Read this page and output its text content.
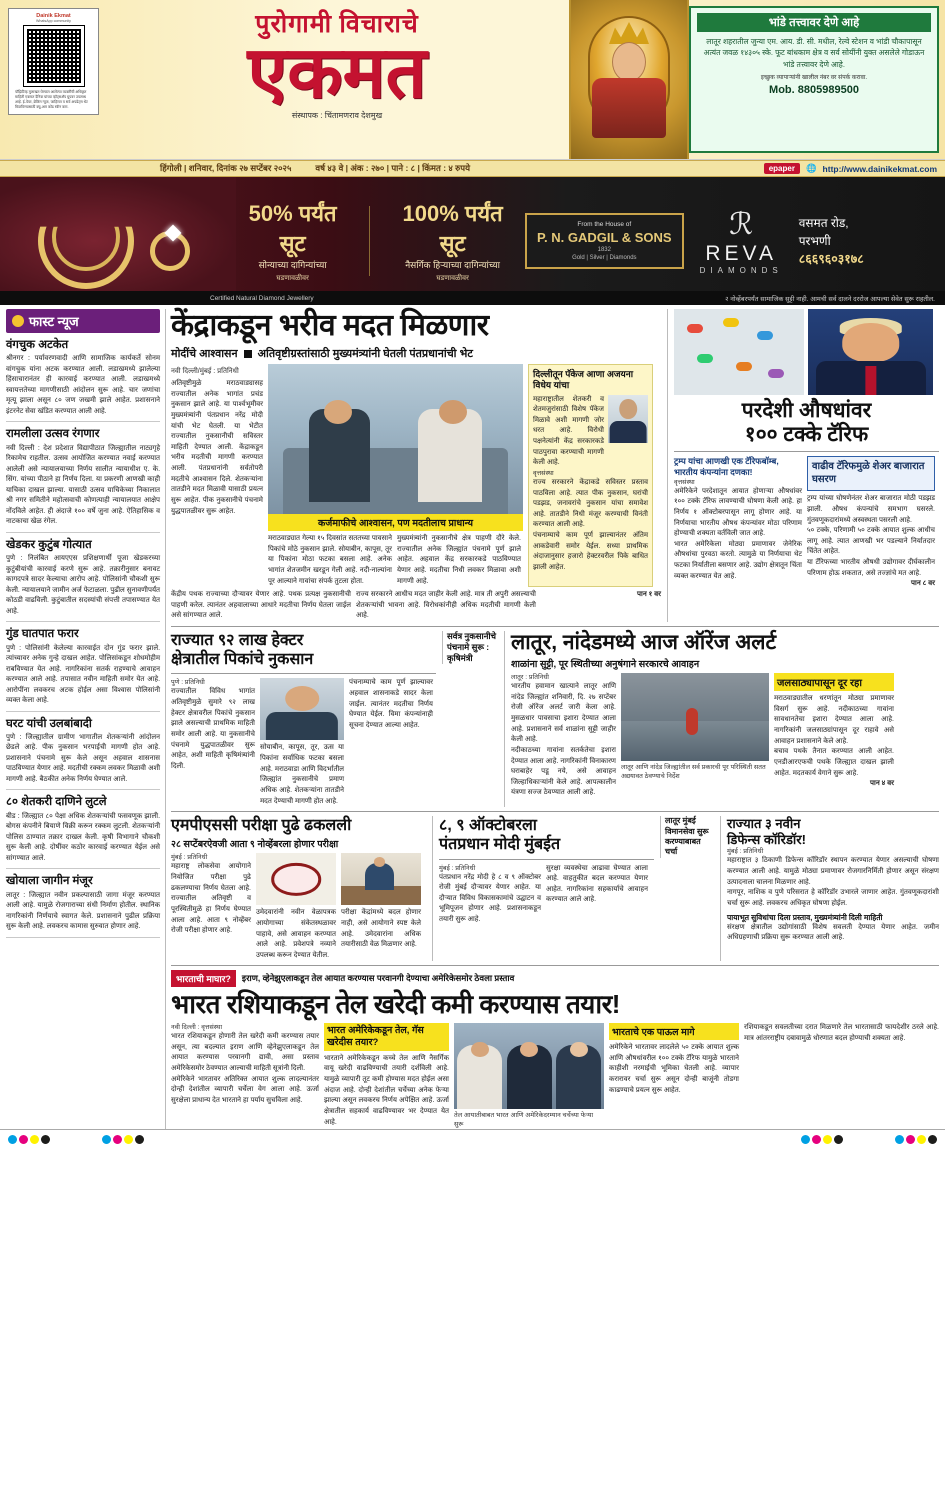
Dainik Ekmat
WhatsApp community
पॉझिटिव्ह मुलाखत घेण्यात आलेल्या व्यक्तींची अधिकृत माहिती एकमत दैनिक यांच्या व्हॉट्सअ‍ॅप ग्रुपवर उपलब्ध आहे. ई-पेपर, ब्रेकिंग न्यूज, जाहिरात व सर्व अपडेट्स थेट मिळविण्यासाठी क्यू-आर कोड स्कॅन करा.
पुरोगामी विचाराचे
एकमत
संस्थापक : चिंतामणराव देशमुख
भांडे तत्त्वावर देणे आहे
लातूर शहरातील जुन्या एम. आय. डी. सी. मधील, रेल्वे स्टेशन व भांडी चौकापासून अत्यंत जवळ १४३०५ स्के. फूट बांधकाम क्षेत्र व सर्व सोयींनी युक्त असलेले गोडाऊन भांडे तत्त्वावर देणे आहे.
इच्छुक व्यापाऱ्यांनी खालील नंबर वर संपर्क करावा.
Mob. 8805989500
हिंगोली | शनिवार, दिनांक २७ सप्टेंबर २०२५	वर्ष ४३ वे | अंक : २७० | पाने : ८ | किंमत : ४ रुपये	epaper	🌐 http://www.dainikekmat.com
50% पर्यंत सूट
सोन्याच्या दागिन्यांच्या
घडणावळीवर
100% पर्यंत सूट
नैसर्गिक हिऱ्याच्या दागिन्यांच्या
घडणावळीवर
From the House of
P. N. GADGIL & SONS
1832
Gold | Silver | Diamonds
ℛ
REVA
DIAMONDS
वसमत रोड,
परभणी
८६६९६०३१७८
Certified Natural Diamond Jewellery	२ नोव्हेंबरपर्यंत सामाजिक सुट्टी नाही. आमची सर्व दालने दररोज आपल्या सेवेत सुरू राहतील.
फास्ट न्यूज
वंगचुक अटकेत
श्रीनगर : पर्यावरणवादी आणि सामाजिक कार्यकर्ते सोनम वांगचुक यांना अटक करण्यात आली. लडाखमध्ये झालेल्या हिंसाचारानंतर ही कारवाई करण्यात आली. लडाखमध्ये स्वायत्ततेच्या मागणीसाठी आंदोलन सुरू आहे. चार जणांचा मृत्यू झाला असून ८० जण जखमी झाले आहेत. प्रशासनाने इंटरनेट सेवा खंडित करण्यात आली आहे.
रामलीला उत्सव रंगणार
नवी दिल्ली : देश प्रदेशात विद्यापीठात जिल्ह्यातील नाट्यगृहे रिकामेच राहतील. उत्सव आयोजित करण्यात नवाई करण्यात आलेली असे न्यायालयाच्या निर्णय सालीत न्यायाधीश ए. के. सिंग. यांच्या पीठाने हा निर्णय दिला. या प्रकरणी आणखी काही याचिका दाखल झाल्या. यासाठी उत्सव याचिकेच्या निकालात श्री नगर समितीने महोत्सवाची कोणत्याही न्यायालयात आक्षेप नोंदविले आहेत. ही अंदाजे १०० वर्षे जुना आहे. ऐतिहासिक व नाटकाचा खेळ रंगेल.
खेडकर कुटुंब गोत्यात
पुणे : निलंबित आयएएस प्रशिक्षणार्थी पूजा खेडकरच्या कुटुंबीयांची कारवाई करणे सुरू आहे. तक्रारीनुसार बनावट कागदपत्रे सादर केल्याचा आरोप आहे. पोलिसांनी चौकशी सुरू केली. न्यायालयाने जामीन अर्ज फेटाळला. पुढील सुनावणीपर्यंत कोठडी वाढविली. कुटुंबातील सदस्यांची संपत्ती तपासण्यात येत आहे.
गुंड घातपात फरार
पुणे : पोलिसांनी केलेल्या कारवाईत दोन गुंड फरार झाले. त्यांच्यावर अनेक गुन्हे दाखल आहेत. पोलिसांकडून शोधमोहीम राबविण्यात येत आहे. नागरिकांना सतर्क राहण्याचे आवाहन करण्यात आले आहे. तपासात नवीन माहिती समोर येत आहे. आरोपींना लवकरच अटक होईल असा विश्वास पोलिसांनी व्यक्त केला आहे.
घरट यांची उलबांबादी
पुणे : जिल्ह्यातील ग्रामीण भागातील शेतकऱ्यांनी आंदोलन छेडले आहे. पीक नुकसान भरपाईची मागणी होत आहे. प्रशासनाने पंचनामे सुरू केले असून अहवाल शासनास पाठविण्यात येणार आहे. मदतीची रक्कम लवकर मिळावी अशी मागणी आहे. बैठकीत अनेक निर्णय घेण्यात आले.
८० शेतकरी दाणिने लुटले
बीड : जिल्ह्यात ८० पेक्षा अधिक शेतकऱ्यांची फसवणूक झाली. बोगस कंपनीने बियाणे विक्री करून रक्कम लुटली. शेतकऱ्यांनी पोलिस ठाण्यात तक्रार दाखल केली. कृषी विभागाने चौकशी सुरू केली आहे. दोषींवर कठोर कारवाई करण्यात येईल असे सांगण्यात आले.
खोयाला जागीन मंजूर
लातूर : जिल्ह्यात नवीन प्रकल्पासाठी जागा मंजूर करण्यात आली आहे. यामुळे रोजगाराच्या संधी निर्माण होतील. स्थानिक नागरिकांनी निर्णयाचे स्वागत केले. प्रशासनाने पुढील प्रक्रिया सुरू केली आहे. लवकरच कामास सुरुवात होणार आहे.
केंद्राकडून भरीव मदत मिळणार
मोदींचे आश्वासन अतिवृष्टीग्रस्तांसाठी मुख्यमंत्र्यांनी घेतली पंतप्रधानांची भेट
नवी दिल्ली/मुंबई : प्रतिनिधी
अतिवृष्टीमुळे मराठवाड्यासह राज्यातील अनेक भागांत प्रचंड नुकसान झाले आहे. या पार्श्वभूमीवर मुख्यमंत्र्यांनी पंतप्रधान नरेंद्र मोदी यांची भेट घेतली. या भेटीत राज्यातील नुकसानीची सविस्तर माहिती देण्यात आली. केंद्राकडून भरीव मदतीची मागणी करण्यात आली. पंतप्रधानांनी सर्वतोपरी मदतीचे आश्वासन दिले. शेतकऱ्यांना तातडीने मदत मिळावी यासाठी प्रयत्न सुरू आहेत. पीक नुकसानीचे पंचनामे युद्धपातळीवर सुरू आहेत.
कर्जमाफीचे आश्वासन, पण मदतीलाच प्राधान्य
मराठवाड्यात गेल्या १५ दिवसांत सततच्या पावसाने पिकांचे मोठे नुकसान झाले. सोयाबीन, कापूस, तूर या पिकांना मोठा फटका बसला आहे. अनेक भागांत शेतजमीन खरडून गेली आहे. नदी-नाल्यांना पूर आल्याने गावांचा संपर्क तुटला होता.
मुख्यमंत्र्यांनी नुकसानीचे क्षेत्र पाहणी दौरे केले. राज्यातील अनेक जिल्ह्यांत पंचनामे पूर्ण झाले आहेत. अहवाल केंद्र सरकारकडे पाठविण्यात येणार आहे. मदतीचा निधी लवकर मिळावा अशी मागणी आहे.
दिल्लीतून पॅकेज आणा अजयना विधेय यांचा
महाराष्ट्रातील शेतकरी व शेतमजुरांसाठी विशेष पॅकेज मिळावे अशी मागणी जोर धरत आहे. विरोधी पक्षनेत्यांनी केंद्र सरकारकडे पाठपुरावा करण्याची मागणी केली आहे.
वृत्तसंस्था
राज्य सरकारने केंद्राकडे सविस्तर प्रस्ताव पाठविला आहे. त्यात पीक नुकसान, घरांची पडझड, जनावरांचे नुकसान यांचा समावेश आहे. तातडीने निधी मंजूर करण्याची विनंती करण्यात आली आहे.
पंचनाम्याचे काम पूर्ण झाल्यानंतर अंतिम आकडेवारी समोर येईल. सध्या प्राथमिक अंदाजानुसार हजारो हेक्टरवरील पिके बाधित झाली आहेत.
केंद्रीय पथक राज्याच्या दौऱ्यावर येणार आहे. पथक प्रत्यक्ष नुकसानीची पाहणी करेल. त्यानंतर अहवालाच्या आधारे मदतीचा निर्णय घेतला जाईल असे सांगण्यात आले.
राज्य सरकारने आधीच मदत जाहीर केली आहे. मात्र ती अपुरी असल्याची शेतकऱ्यांची भावना आहे. विरोधकांनीही अधिक मदतीची मागणी केली आहे.
पान १ वर
परदेशी औषधांवर
१०० टक्के टॅरिफ
ट्रम्प यांचा आणखी एक टॅरिफबॉम्ब, भारतीय कंपन्यांना दणका!
वृत्तसंस्था
अमेरिकेने परदेशातून आयात होणाऱ्या औषधांवर १०० टक्के टॅरिफ लावण्याची घोषणा केली आहे. हा निर्णय १ ऑक्टोबरपासून लागू होणार आहे. या निर्णयाचा भारतीय औषध कंपन्यांवर मोठा परिणाम होण्याची शक्यता वर्तविली जात आहे.
भारत अमेरिकेला मोठ्या प्रमाणावर जेनेरिक औषधांचा पुरवठा करतो. त्यामुळे या निर्णयाचा थेट फटका निर्यातीला बसणार आहे. उद्योग क्षेत्रातून चिंता व्यक्त करण्यात येत आहे.
वाढीव टॅरिफमुळे शेअर बाजारात घसरण
ट्रम्प यांच्या घोषणेनंतर शेअर बाजारात मोठी पडझड झाली. औषध कंपन्यांचे समभाग घसरले. गुंतवणूकदारांमध्ये अस्वस्थता पसरली आहे.
५० टक्के, परिणामी ५० टक्के आयात शुल्क आधीच लागू आहे. त्यात आणखी भर पडल्याने निर्यातदार चिंतेत आहेत.
या टॅरिफच्या भारतीय औषधी उद्योगावर दीर्घकालीन परिणाम होऊ शकतात, असे तज्ज्ञांचे मत आहे.
पान ८ वर
राज्यात ९२ लाख हेक्टर
क्षेत्रातील पिकांचे नुकसान
पुणे : प्रतिनिधी
राज्यातील विविध भागांत अतिवृष्टीमुळे सुमारे ९२ लाख हेक्टर क्षेत्रावरील पिकांचे नुकसान झाले असल्याची प्राथमिक माहिती समोर आली आहे. या नुकसानीचे पंचनामे युद्धपातळीवर सुरू आहेत, अशी माहिती कृषिमंत्र्यांनी दिली.
सोयाबीन, कापूस, तूर, ऊस या पिकांना सर्वाधिक फटका बसला आहे. मराठवाडा आणि विदर्भातील जिल्ह्यांत नुकसानीचे प्रमाण अधिक आहे. शेतकऱ्यांना तातडीने मदत देण्याची मागणी होत आहे.
पंचनाम्याचे काम पूर्ण झाल्यावर अहवाल शासनाकडे सादर केला जाईल. त्यानंतर मदतीचा निर्णय घेण्यात येईल. विमा कंपन्यांनाही सूचना देण्यात आल्या आहेत.
सर्वत्र नुकसानीचे पंचनामे सुरू : कृषिमंत्री
लातूर, नांदेडमध्ये आज ऑरेंज अलर्ट
शाळांना सुट्टी, पूर स्थितीच्या अनुषंगाने सरकारचे आवाहन
लातूर : प्रतिनिधी
भारतीय हवामान खात्याने लातूर आणि नांदेड जिल्ह्यांत शनिवारी, दि. २७ सप्टेंबर रोजी ऑरेंज अलर्ट जारी केला आहे. मुसळधार पावसाचा इशारा देण्यात आला आहे. प्रशासनाने सर्व शाळांना सुट्टी जाहीर केली आहे.
नदीकाठच्या गावांना सतर्कतेचा इशारा देण्यात आला आहे. नागरिकांनी विनाकारण घराबाहेर पडू नये, असे आवाहन जिल्हाधिकाऱ्यांनी केले आहे. आपत्कालीन यंत्रणा सज्ज ठेवण्यात आली आहे.
लातूर आणि नांदेड जिल्ह्यांतील सर्व प्रकारची पूर परिस्थिती सतत अद्ययावत ठेवण्याचे निर्देश
जलसाठ्यापासून दूर रहा
मराठवाड्यातील धरणांतून मोठ्या प्रमाणावर विसर्ग सुरू आहे. नदीकाठच्या गावांना सावधानतेचा इशारा देण्यात आला आहे. नागरिकांनी जलसाठ्यांपासून दूर राहावे असे आवाहन प्रशासनाने केले आहे.
बचाव पथके तैनात करण्यात आली आहेत. एनडीआरएफची पथके जिल्ह्यात दाखल झाली आहेत. मदतकार्य वेगाने सुरू आहे.
पान ४ वर
एमपीएससी परीक्षा पुढे ढकलली
२८ सप्टेंबरऐवजी आता ९ नोव्हेंबरला होणार परीक्षा
मुंबई : प्रतिनिधी
महाराष्ट्र लोकसेवा आयोगाने नियोजित परीक्षा पुढे ढकलण्याचा निर्णय घेतला आहे. राज्यातील अतिवृष्टी व पूरस्थितीमुळे हा निर्णय घेण्यात आला आहे. आता ९ नोव्हेंबर रोजी परीक्षा होणार आहे.
उमेदवारांनी नवीन वेळापत्रक आयोगाच्या संकेतस्थळावर पाहावे, असे आवाहन करण्यात आले आहे. प्रवेशपत्रे नव्याने उपलब्ध करून देण्यात येतील.
परीक्षा केंद्रांमध्ये बदल होणार नाही, असे आयोगाने स्पष्ट केले आहे. उमेदवारांना अधिक तयारीसाठी वेळ मिळणार आहे.
८, ९ ऑक्टोबरला
पंतप्रधान मोदी मुंबईत
मुंबई : प्रतिनिधी
पंतप्रधान नरेंद्र मोदी हे ८ व ९ ऑक्टोबर रोजी मुंबई दौऱ्यावर येणार आहेत. या दौऱ्यात विविध विकासकामांचे उद्घाटन व भूमिपूजन होणार आहे. प्रशासनाकडून तयारी सुरू आहे.
सुरक्षा व्यवस्थेचा आढावा घेण्यात आला आहे. वाहतुकीत बदल करण्यात येणार आहेत. नागरिकांना सहकार्याचे आवाहन करण्यात आले आहे.
लातूर मुंबई विमानसेवा सुरू करण्याबाबत चर्चा
राज्यात ३ नवीन
डिफेन्स कॉरिडॉर!
मुंबई : प्रतिनिधी
महाराष्ट्रात ३ ठिकाणी डिफेन्स कॉरिडॉर स्थापन करण्यात येणार असल्याची घोषणा करण्यात आली आहे. यामुळे मोठ्या प्रमाणावर रोजगारनिर्मिती होणार असून संरक्षण उत्पादनाला चालना मिळणार आहे.
नागपूर, नाशिक व पुणे परिसरात हे कॉरिडॉर उभारले जाणार आहेत. गुंतवणूकदारांशी चर्चा सुरू आहे. लवकरच अधिकृत घोषणा होईल.
पायाभूत सुविधांचा दिला प्रस्ताव, मुख्यमंत्र्यांनी दिली माहिती
संरक्षण क्षेत्रातील उद्योगांसाठी विशेष सवलती देण्यात येणार आहेत. जमीन अधिग्रहणाची प्रक्रिया सुरू करण्यात आली आहे.
भारताची माघार?	इराण, व्हेनेझुएलाकडून तेल आयात करण्यास परवानगी देण्याचा अमेरिकेसमोर ठेवला प्रस्ताव
भारत रशियाकडून तेल खरेदी कमी करण्यास तयार!
नवी दिल्ली : वृत्तसंस्था
भारत रशियाकडून होणारी तेल खरेदी कमी करण्यास तयार असून, त्या बदल्यात इराण आणि व्हेनेझुएलाकडून तेल आयात करण्यास परवानगी द्यावी, असा प्रस्ताव अमेरिकेसमोर ठेवण्यात आल्याची माहिती सूत्रांनी दिली.
अमेरिकेने भारतावर अतिरिक्त आयात शुल्क लादल्यानंतर दोन्ही देशांतील व्यापारी चर्चेला वेग आला आहे. ऊर्जा सुरक्षेला प्राधान्य देत भारताने हा पर्याय सुचविला आहे.
भारत अमेरिकेकडून तेल, गॅस खरेदीस तयार?
भारताने अमेरिकेकडून कच्चे तेल आणि नैसर्गिक वायू खरेदी वाढविण्याची तयारी दर्शविली आहे. यामुळे व्यापारी तूट कमी होण्यास मदत होईल असा अंदाज आहे. दोन्ही देशांतील चर्चेच्या अनेक फेऱ्या झाल्या असून लवकरच निर्णय अपेक्षित आहे. ऊर्जा क्षेत्रातील सहकार्य वाढविण्यावर भर देण्यात येत आहे.
तेल आयातीबाबत भारत आणि अमेरिकेदरम्यान चर्चेच्या फेऱ्या सुरू
भारताचे एक पाऊल मागे
अमेरिकेने भारतावर लादलेले ५० टक्के आयात शुल्क आणि औषधांवरील १०० टक्के टॅरिफ यामुळे भारताने काहीशी नरमाईची भूमिका घेतली आहे. व्यापार करारावर चर्चा सुरू असून दोन्ही बाजूंनी तोडगा काढण्याचे प्रयत्न सुरू आहेत.
रशियाकडून सवलतीच्या दरात मिळणारे तेल भारतासाठी फायदेशीर ठरले आहे. मात्र आंतरराष्ट्रीय दबावामुळे धोरणात बदल होण्याची शक्यता आहे.
